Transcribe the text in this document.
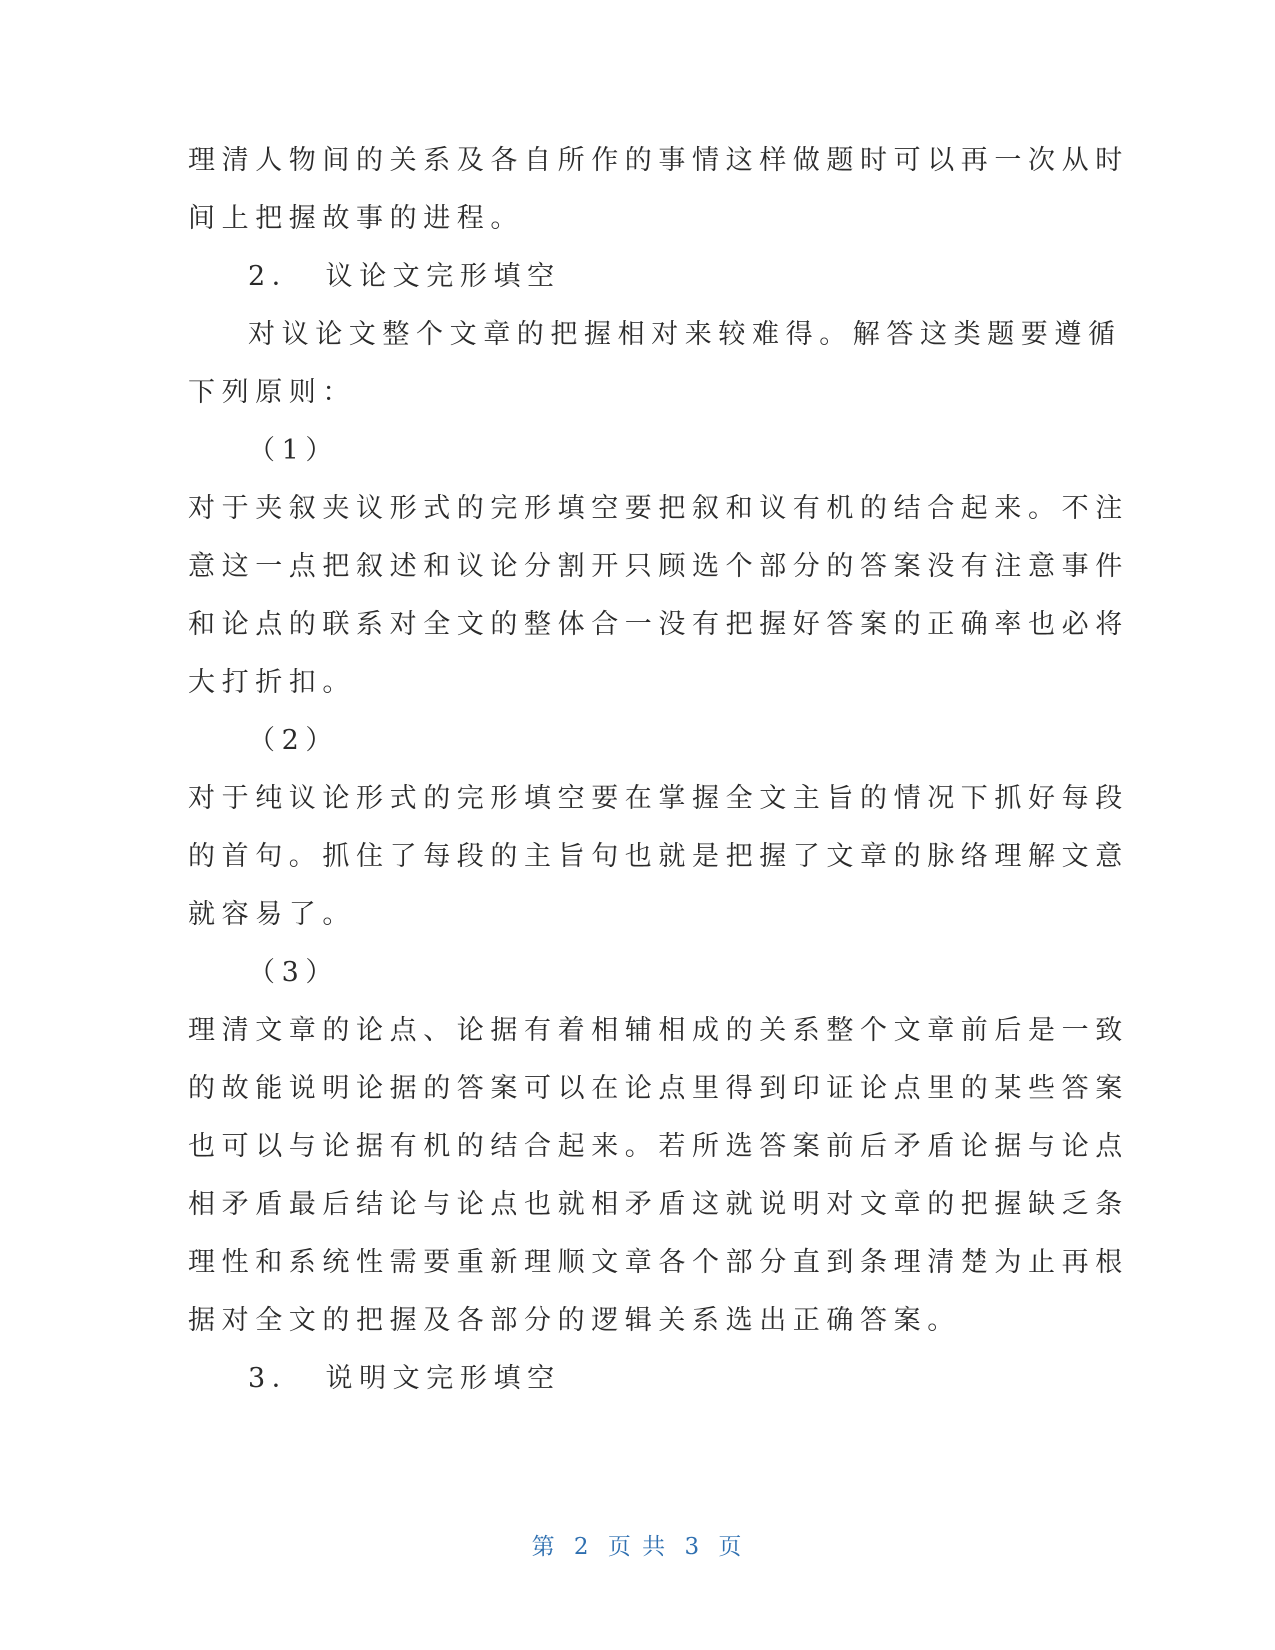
理清人物间的关系及各自所作的事情这样做题时可以再一次从时
间上把握故事的进程。
2．　议论文完形填空
对议论文整个文章的把握相对来较难得。解答这类题要遵循
下列原则：
（1）
对于夹叙夹议形式的完形填空要把叙和议有机的结合起来。不注
意这一点把叙述和议论分割开只顾选个部分的答案没有注意事件
和论点的联系对全文的整体合一没有把握好答案的正确率也必将
大打折扣。
（2）
对于纯议论形式的完形填空要在掌握全文主旨的情况下抓好每段
的首句。抓住了每段的主旨句也就是把握了文章的脉络理解文意
就容易了。
（3）
理清文章的论点、论据有着相辅相成的关系整个文章前后是一致
的故能说明论据的答案可以在论点里得到印证论点里的某些答案
也可以与论据有机的结合起来。若所选答案前后矛盾论据与论点
相矛盾最后结论与论点也就相矛盾这就说明对文章的把握缺乏条
理性和系统性需要重新理顺文章各个部分直到条理清楚为止再根
据对全文的把握及各部分的逻辑关系选出正确答案。
3．　说明文完形填空
第 2 页 共 3 页
